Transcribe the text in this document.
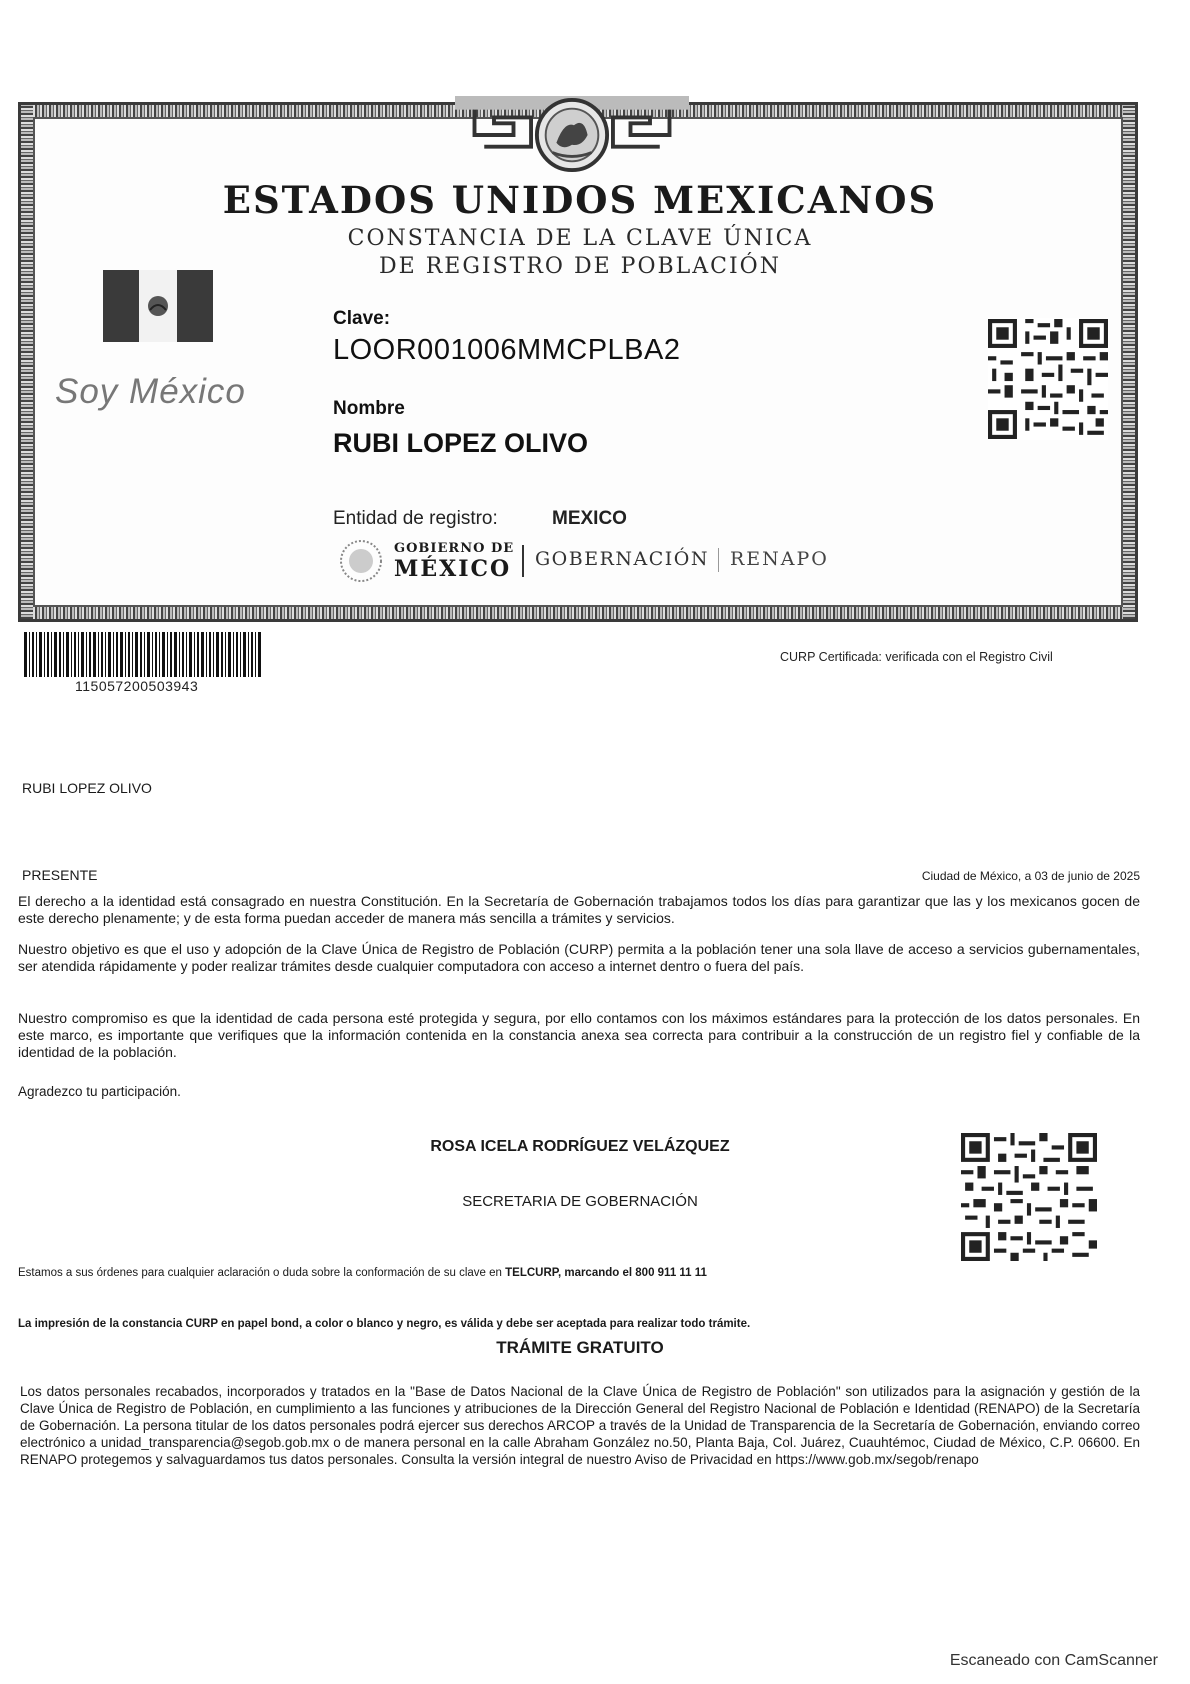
ESTADOS UNIDOS MEXICANOS
CONSTANCIA DE LA CLAVE ÚNICA
DE REGISTRO DE POBLACIÓN
Soy México
Clave:
LOOR001006MMCPLBA2
Nombre
RUBI LOPEZ OLIVO
Entidad de registro:	MEXICO
GOBIERNO DE
MÉXICO GOBERNACIÓN RENAPO
115057200503943
CURP Certificada: verificada con el Registro Civil
RUBI LOPEZ OLIVO
PRESENTE	Ciudad de México, a 03 de junio de 2025
El derecho a la identidad está consagrado en nuestra Constitución. En la Secretaría de Gobernación trabajamos todos los días para garantizar que las y los mexicanos gocen de este derecho plenamente; y de esta forma puedan acceder de manera más sencilla a trámites y servicios.
Nuestro objetivo es que el uso y adopción de la Clave Única de Registro de Población (CURP) permita a la población tener una sola llave de acceso a servicios gubernamentales, ser atendida rápidamente y poder realizar trámites desde cualquier computadora con acceso a internet dentro o fuera del país.
Nuestro compromiso es que la identidad de cada persona esté protegida y segura, por ello contamos con los máximos estándares para la protección de los datos personales. En este marco, es importante que verifiques que la información contenida en la constancia anexa sea correcta para contribuir a la construcción de un registro fiel y confiable de la identidad de la población.
Agradezco tu participación.
ROSA ICELA RODRÍGUEZ VELÁZQUEZ
SECRETARIA DE GOBERNACIÓN
Estamos a sus órdenes para cualquier aclaración o duda sobre la conformación de su clave en TELCURP, marcando el 800 911 11 11
La impresión de la constancia CURP en papel bond, a color o blanco y negro, es válida y debe ser aceptada para realizar todo trámite.
TRÁMITE GRATUITO
Los datos personales recabados, incorporados y tratados en la "Base de Datos Nacional de la Clave Única de Registro de Población" son utilizados para la asignación y gestión de la Clave Única de Registro de Población, en cumplimiento a las funciones y atribuciones de la Dirección General del Registro Nacional de Población e Identidad (RENAPO) de la Secretaría de Gobernación. La persona titular de los datos personales podrá ejercer sus derechos ARCOP a través de la Unidad de Transparencia de la Secretaría de Gobernación, enviando correo electrónico a unidad_transparencia@segob.gob.mx o de manera personal en la calle Abraham González no.50, Planta Baja, Col. Juárez, Cuauhtémoc, Ciudad de México, C.P. 06600. En RENAPO protegemos y salvaguardamos tus datos personales. Consulta la versión integral de nuestro Aviso de Privacidad en https://www.gob.mx/segob/renapo
Escaneado con CamScanner
